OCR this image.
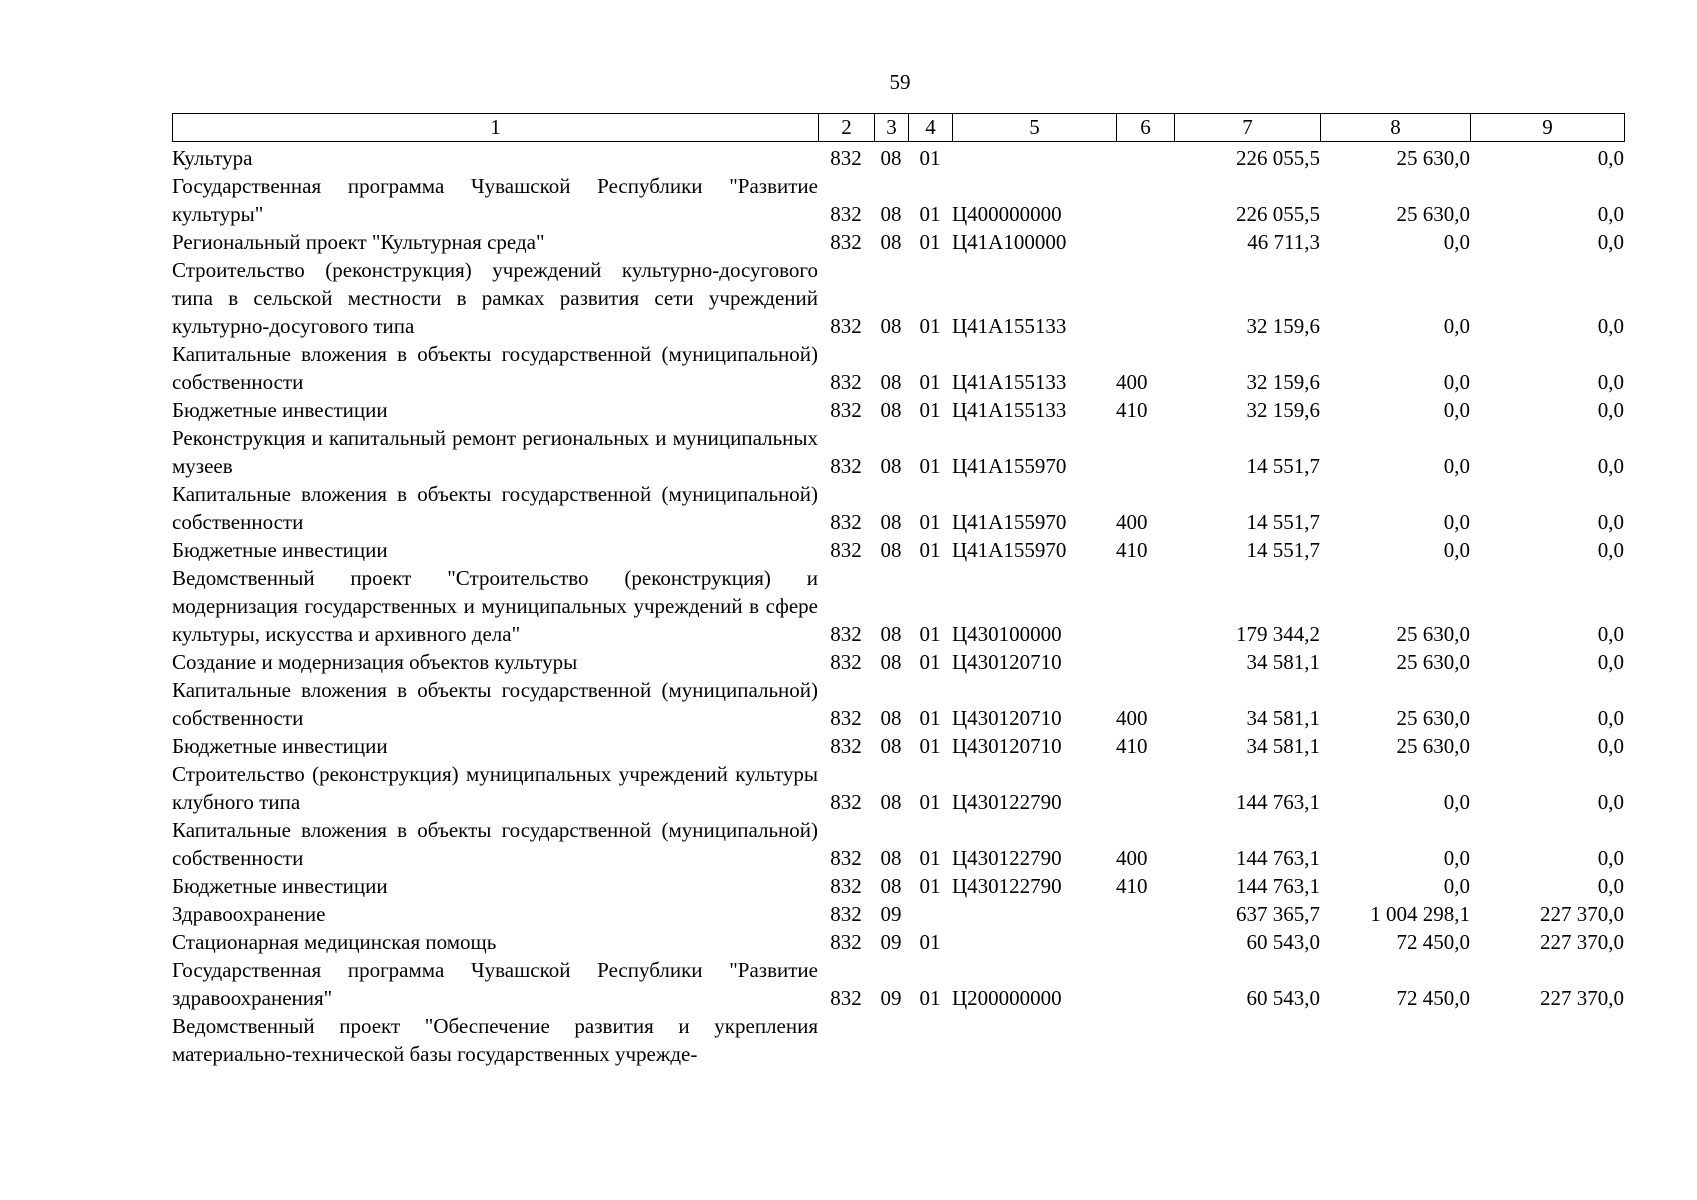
59
1	2	3	4	5	6	7	8	9
Культура	832	08	01			226 055,5	25 630,0	0,0
Государственная программа Чувашской Республики "Развитие культуры"	832	08	01	Ц400000000		226 055,5	25 630,0	0,0
Региональный проект "Культурная среда"	832	08	01	Ц41А100000		46 711,3	0,0	0,0
Строительство (реконструкция) учреждений культурно-досугового типа в сельской местности в рамках развития сети учреждений культурно-досугового типа	832	08	01	Ц41А155133		32 159,6	0,0	0,0
Капитальные вложения в объекты государственной (муниципальной) собственности	832	08	01	Ц41А155133	400	32 159,6	0,0	0,0
Бюджетные инвестиции	832	08	01	Ц41А155133	410	32 159,6	0,0	0,0
Реконструкция и капитальный ремонт региональных и муниципальных музеев	832	08	01	Ц41А155970		14 551,7	0,0	0,0
Капитальные вложения в объекты государственной (муниципальной) собственности	832	08	01	Ц41А155970	400	14 551,7	0,0	0,0
Бюджетные инвестиции	832	08	01	Ц41А155970	410	14 551,7	0,0	0,0
Ведомственный проект "Строительство (реконструкция) и модернизация государственных и муниципальных учреждений в сфере культуры, искусства и архивного дела"	832	08	01	Ц430100000		179 344,2	25 630,0	0,0
Создание и модернизация объектов культуры	832	08	01	Ц430120710		34 581,1	25 630,0	0,0
Капитальные вложения в объекты государственной (муниципальной) собственности	832	08	01	Ц430120710	400	34 581,1	25 630,0	0,0
Бюджетные инвестиции	832	08	01	Ц430120710	410	34 581,1	25 630,0	0,0
Строительство (реконструкция) муниципальных учреждений культуры клубного типа	832	08	01	Ц430122790		144 763,1	0,0	0,0
Капитальные вложения в объекты государственной (муниципальной) собственности	832	08	01	Ц430122790	400	144 763,1	0,0	0,0
Бюджетные инвестиции	832	08	01	Ц430122790	410	144 763,1	0,0	0,0
Здравоохранение	832	09				637 365,7	1 004 298,1	227 370,0
Стационарная медицинская помощь	832	09	01			60 543,0	72 450,0	227 370,0
Государственная программа Чувашской Республики "Развитие здравоохранения"	832	09	01	Ц200000000		60 543,0	72 450,0	227 370,0
Ведомственный проект "Обеспечение развития и укрепления материально-технической базы государственных учрежде-								
